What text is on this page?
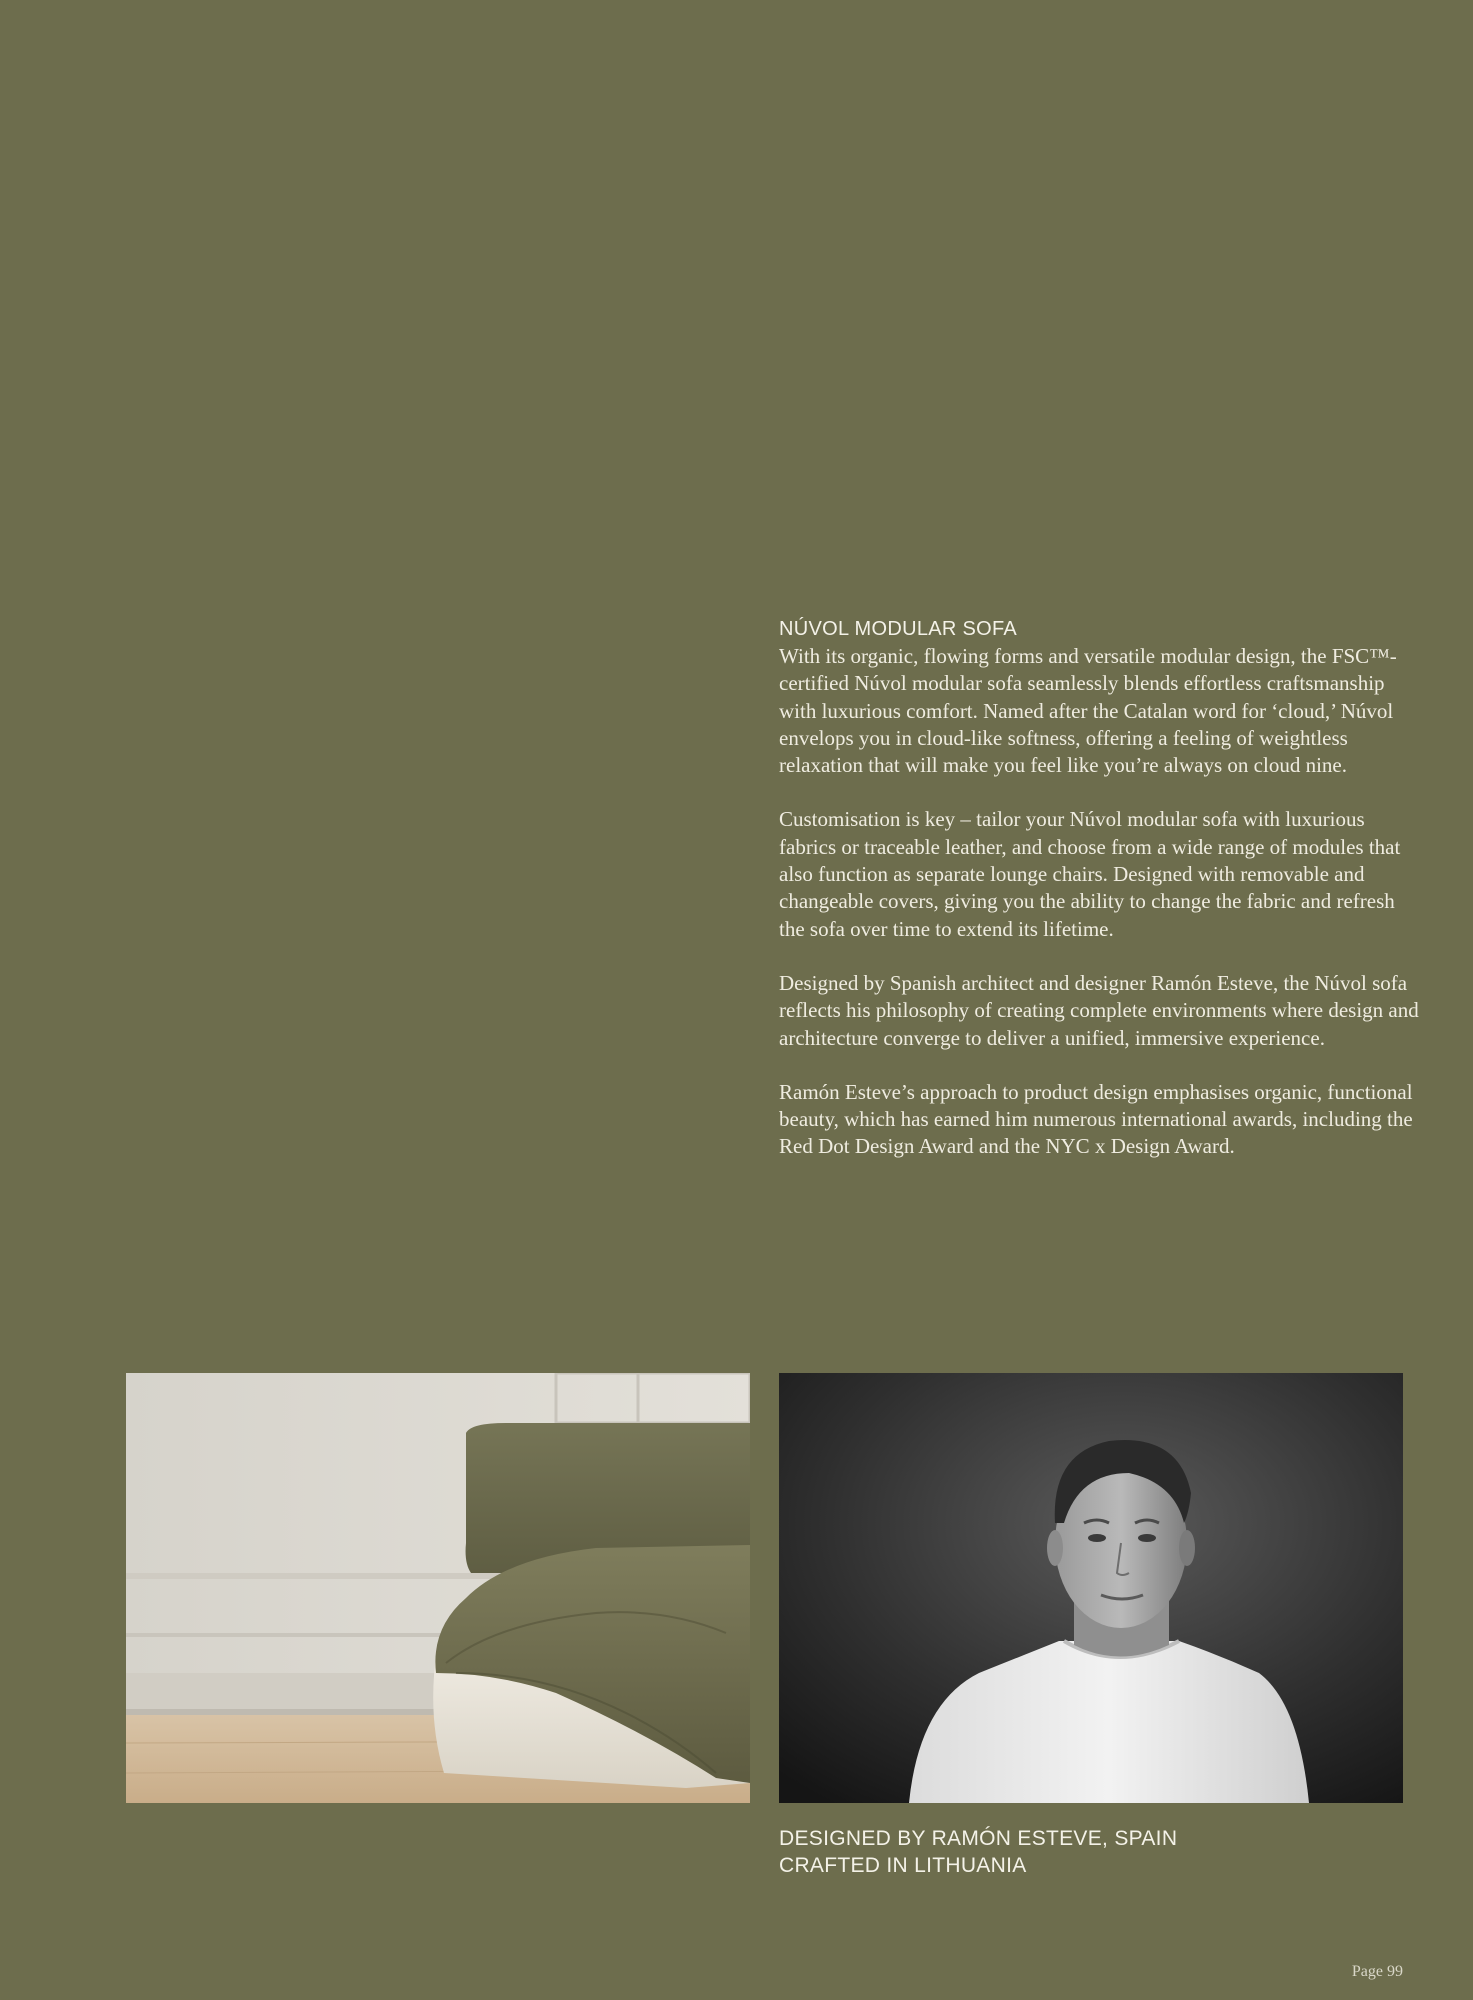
NÚVOL MODULAR SOFA

With its organic, flowing forms and versatile modular design, the FSC™-certified Núvol modular sofa seamlessly blends effortless craftsmanship with luxurious comfort. Named after the Catalan word for ‘cloud,’ Núvol envelops you in cloud-like softness, offering a feeling of weightless relaxation that will make you feel like you’re always on cloud nine.

Customisation is key – tailor your Núvol modular sofa with luxurious fabrics or traceable leather, and choose from a wide range of modules that also function as separate lounge chairs. Designed with removable and changeable covers, giving you the ability to change the fabric and refresh the sofa over time to extend its lifetime.

Designed by Spanish architect and designer Ramón Esteve, the Núvol sofa reflects his philosophy of creating complete environments where design and architecture converge to deliver a unified, immersive experience.

Ramón Esteve’s approach to product design emphasises organic, functional beauty, which has earned him numerous international awards, including the Red Dot Design Award and the NYC x Design Award.

DESIGNED BY RAMÓN ESTEVE, SPAIN
CRAFTED IN LITHUANIA
Page 99
